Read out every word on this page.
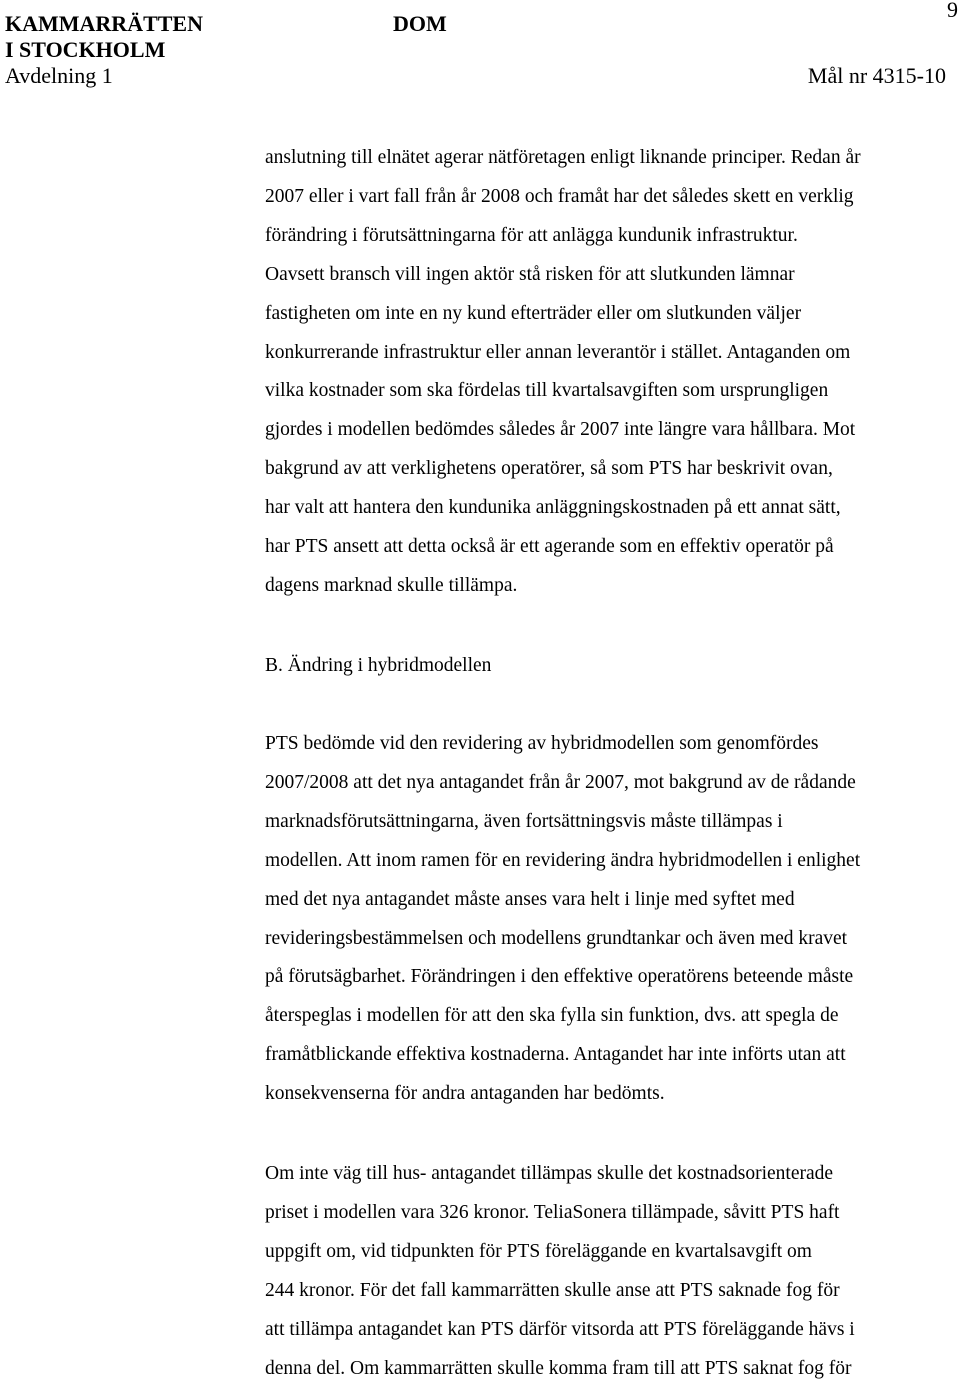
KAMMARRÄTTEN
I STOCKHOLM
DOM
9
Avdelning 1	Mål nr 4315-10
anslutning till elnätet agerar nätföretagen enligt liknande principer. Redan år
2007 eller i vart fall från år 2008 och framåt har det således skett en verklig
förändring i förutsättningarna för att anlägga kundunik infrastruktur.
Oavsett bransch vill ingen aktör stå risken för att slutkunden lämnar
fastigheten om inte en ny kund efterträder eller om slutkunden väljer
konkurrerande infrastruktur eller annan leverantör i stället. Antaganden om
vilka kostnader som ska fördelas till kvartalsavgiften som ursprungligen
gjordes i modellen bedömdes således år 2007 inte längre vara hållbara. Mot
bakgrund av att verklighetens operatörer, så som PTS har beskrivit ovan,
har valt att hantera den kundunika anläggningskostnaden på ett annat sätt,
har PTS ansett att detta också är ett agerande som en effektiv operatör på
dagens marknad skulle tillämpa.
B. Ändring i hybridmodellen
PTS bedömde vid den revidering av hybridmodellen som genomfördes
2007/2008 att det nya antagandet från år 2007, mot bakgrund av de rådande
marknadsförutsättningarna, även fortsättningsvis måste tillämpas i
modellen. Att inom ramen för en revidering ändra hybridmodellen i enlighet
med det nya antagandet måste anses vara helt i linje med syftet med
revideringsbestämmelsen och modellens grundtankar och även med kravet
på förutsägbarhet. Förändringen i den effektive operatörens beteende måste
återspeglas i modellen för att den ska fylla sin funktion, dvs. att spegla de
framåtblickande effektiva kostnaderna. Antagandet har inte införts utan att
konsekvenserna för andra antaganden har bedömts.
Om inte väg till hus- antagandet tillämpas skulle det kostnadsorienterade
priset i modellen vara 326 kronor. TeliaSonera tillämpade, såvitt PTS haft
uppgift om, vid tidpunkten för PTS föreläggande en kvartalsavgift om
244 kronor. För det fall kammarrätten skulle anse att PTS saknade fog för
att tillämpa antagandet kan PTS därför vitsorda att PTS föreläggande hävs i
denna del. Om kammarrätten skulle komma fram till att PTS saknat fog för
